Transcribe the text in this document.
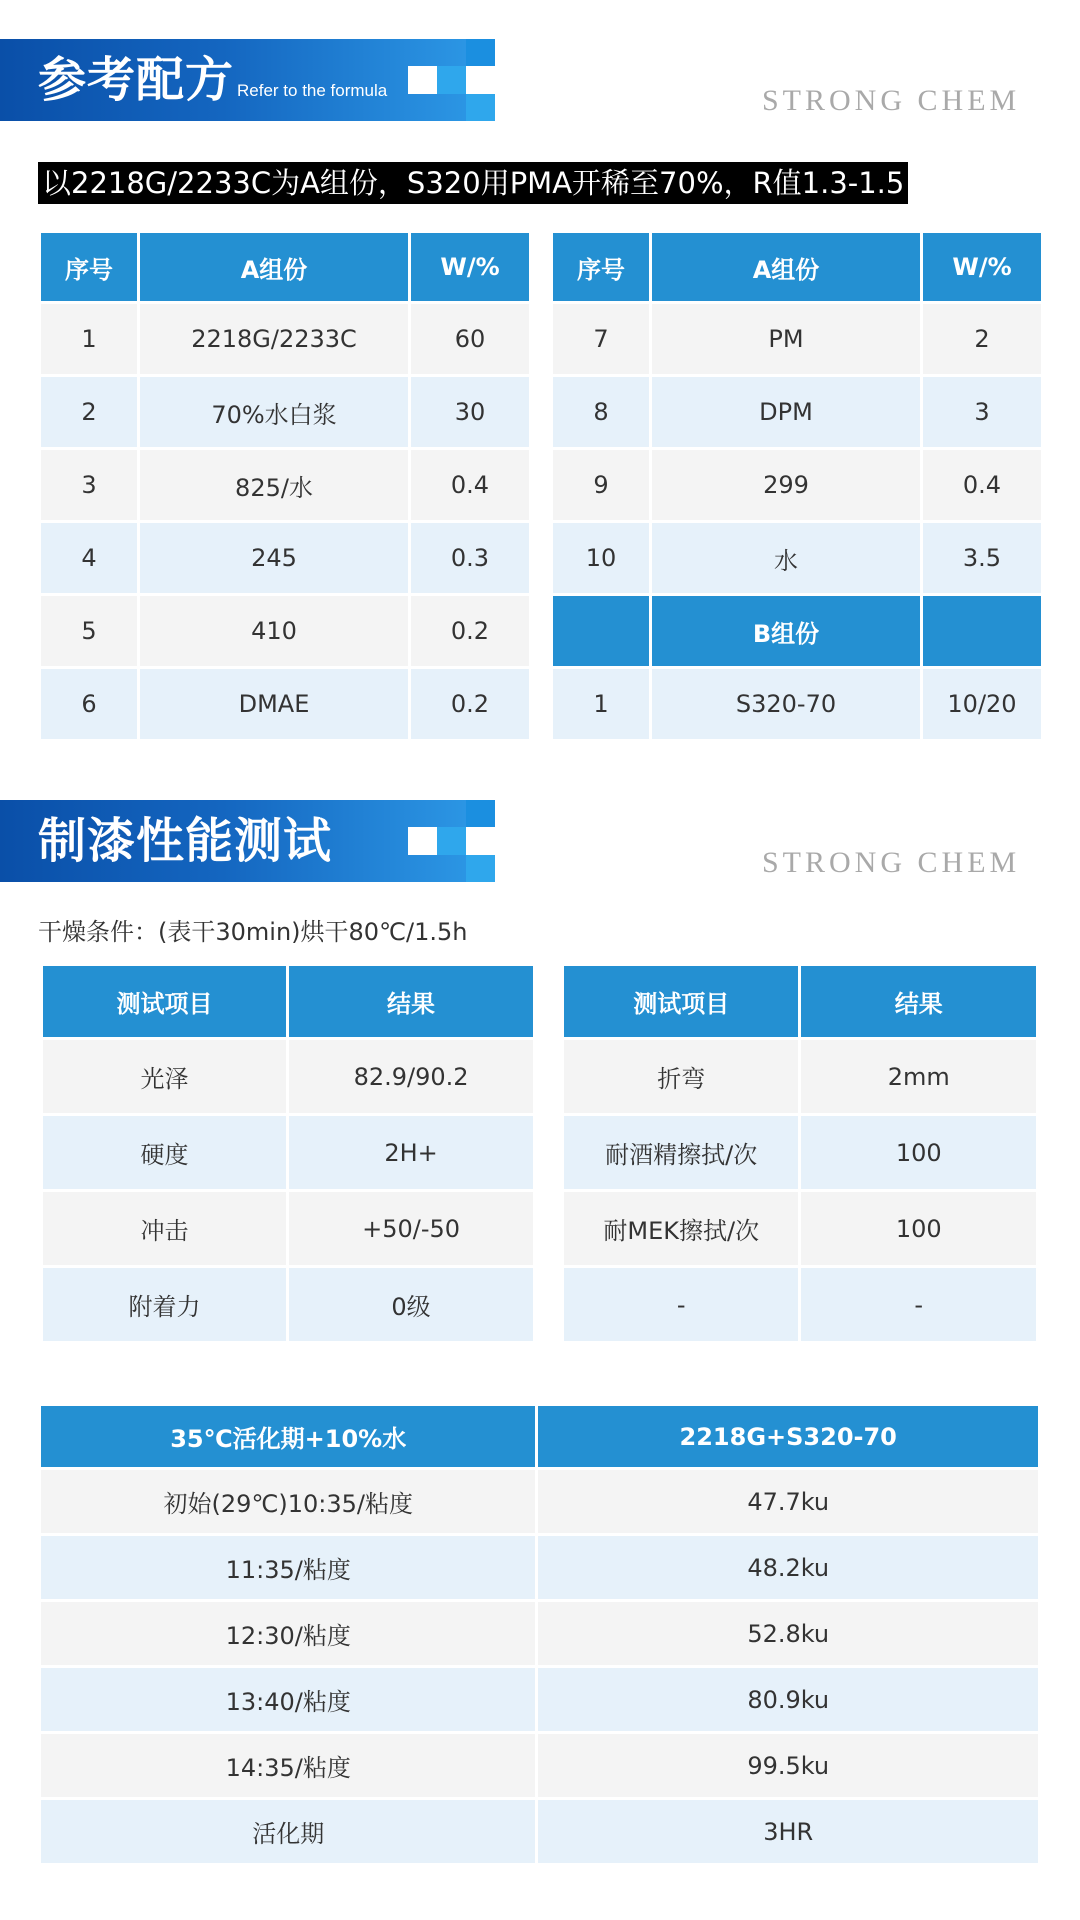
参考配方 Refer to the formula	STRONG CHEM
以2218G/2233C为A组份，S320用PMA开稀至70%，R值1.3-1.5
序号	A组份	W/%
1	2218G/2233C	60
2	70%水白浆	30
3	825/水	0.4
4	245	0.3
5	410	0.2
6	DMAE	0.2
序号	A组份	W/%
7	PM	2
8	DPM	3
9	299	0.4
10	水	3.5
	B组份	
1	S320-70	10/20
制漆性能测试	STRONG CHEM
干燥条件：(表干30min)烘干80℃/1.5h
测试项目	结果
光泽	82.9/90.2
硬度	2H+
冲击	+50/-50
附着力	0级
测试项目	结果
折弯	2mm
耐酒精擦拭/次	100
耐MEK擦拭/次	100
-	-
35℃活化期+10%水	2218G+S320-70
初始(29℃)10:35/粘度	47.7ku
11:35/粘度	48.2ku
12:30/粘度	52.8ku
13:40/粘度	80.9ku
14:35/粘度	99.5ku
活化期	3HR
